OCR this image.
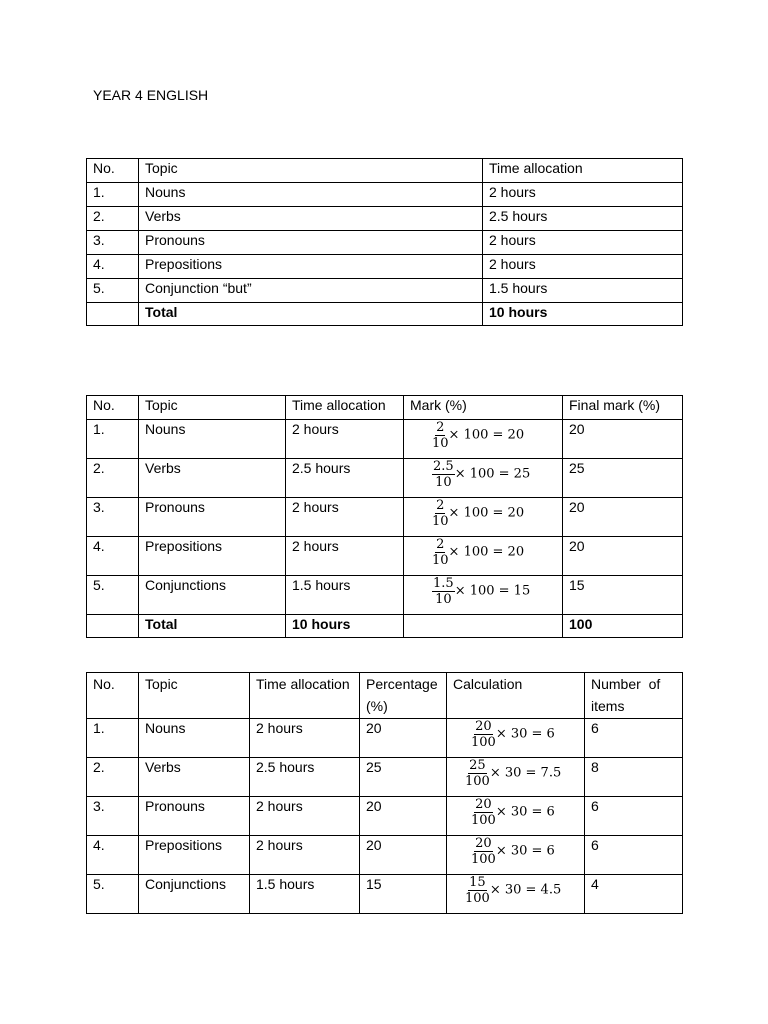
YEAR 4 ENGLISH
No.	Topic	Time allocation
1.	Nouns	2 hours
2.	Verbs	2.5 hours
3.	Pronouns	2 hours
4.	Prepositions	2 hours
5.	Conjunction “but”	1.5 hours
	Total	10 hours
No.	Topic	Time allocation	Mark (%)	Final mark (%)
1.	Nouns	2 hours	$\frac{2}{10} \times 100 = 20$	20
2.	Verbs	2.5 hours	$\frac{2.5}{10} \times 100 = 25$	25
3.	Pronouns	2 hours	$\frac{2}{10} \times 100 = 20$	20
4.	Prepositions	2 hours	$\frac{2}{10} \times 100 = 20$	20
5.	Conjunctions	1.5 hours	$\frac{1.5}{10} \times 100 = 15$	15
	Total	10 hours		100
No.	Topic	Time allocation	Percentage (%)	Calculation	Number  of items
1.	Nouns	2 hours	20	$\frac{20}{100} \times 30 = 6$	6
2.	Verbs	2.5 hours	25	$\frac{25}{100} \times 30 = 7.5$	8
3.	Pronouns	2 hours	20	$\frac{20}{100} \times 30 = 6$	6
4.	Prepositions	2 hours	20	$\frac{20}{100} \times 30 = 6$	6
5.	Conjunctions	1.5 hours	15	$\frac{15}{100} \times 30 = 4.5$	4
